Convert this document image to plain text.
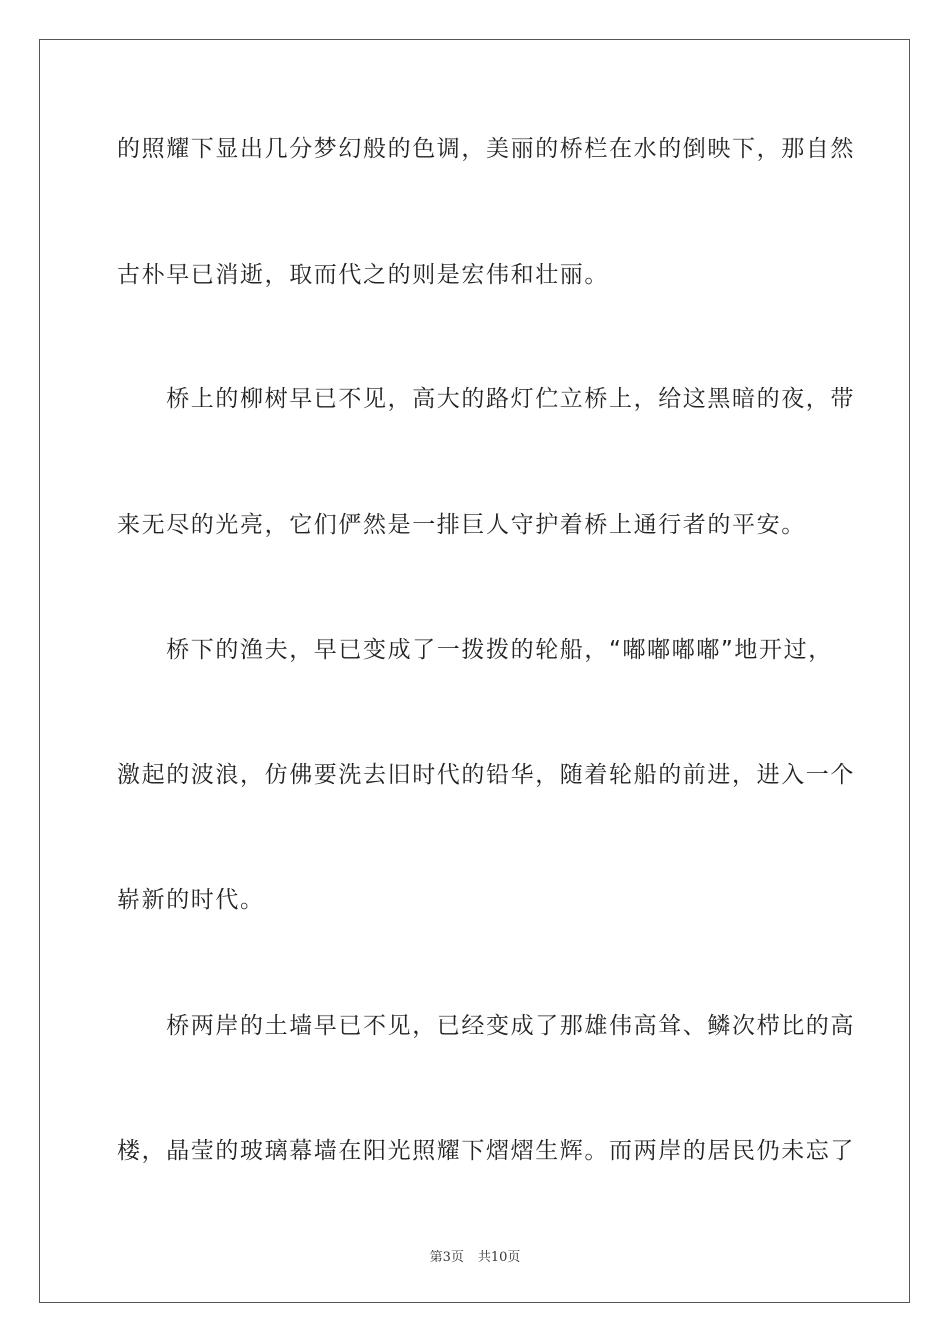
的照耀下显出几分梦幻般的色调，美丽的桥栏在水的倒映下，那自然
古朴早已消逝，取而代之的则是宏伟和壮丽。
　　桥上的柳树早已不见，高大的路灯伫立桥上，给这黑暗的夜，带
来无尽的光亮，它们俨然是一排巨人守护着桥上通行者的平安。
　　桥下的渔夫，早已变成了一拨拨的轮船，“嘟嘟嘟嘟”地开过，
激起的波浪，仿佛要洗去旧时代的铅华，随着轮船的前进，进入一个
崭新的时代。
　　桥两岸的土墙早已不见，已经变成了那雄伟高耸、鳞次栉比的高
楼，晶莹的玻璃幕墙在阳光照耀下熠熠生辉。而两岸的居民仍未忘了
第3页 共10页
